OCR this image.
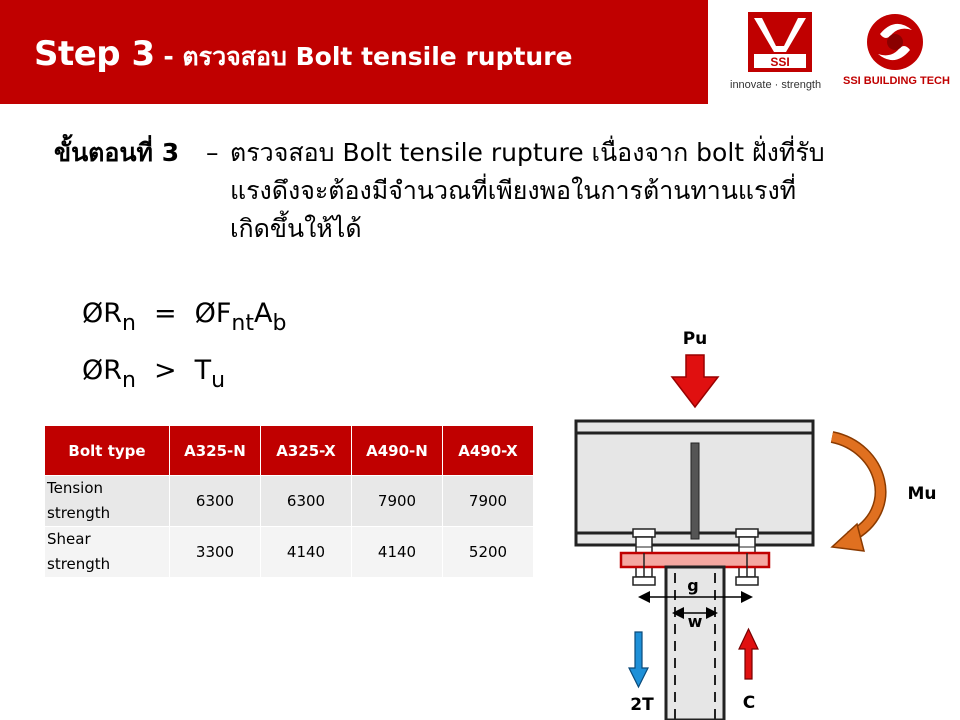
Step 3 - ตรวจสอบ Bolt tensile rupture	SSI
innovate · strength SSI BUILDING TECH
ขั้นตอนที่ 3 – ตรวจสอบ Bolt tensile rupture เนื่องจาก bolt ฝั่งที่รับ
แรงดึงจะต้องมีจำนวณที่เพียงพอในการต้านทานแรงที่
เกิดขึ้นให้ได้
$ØR_n$ = $ØF_{nt}A_b$
$ØR_n > T_u$
Bolt type	A325-N	A325-X	A490-N	A490-X
Tension
strength	6300	6300	7900	7900
Shear
strength	3300	4140	4140	5200
Pu
g
w
Mu
2T	C
